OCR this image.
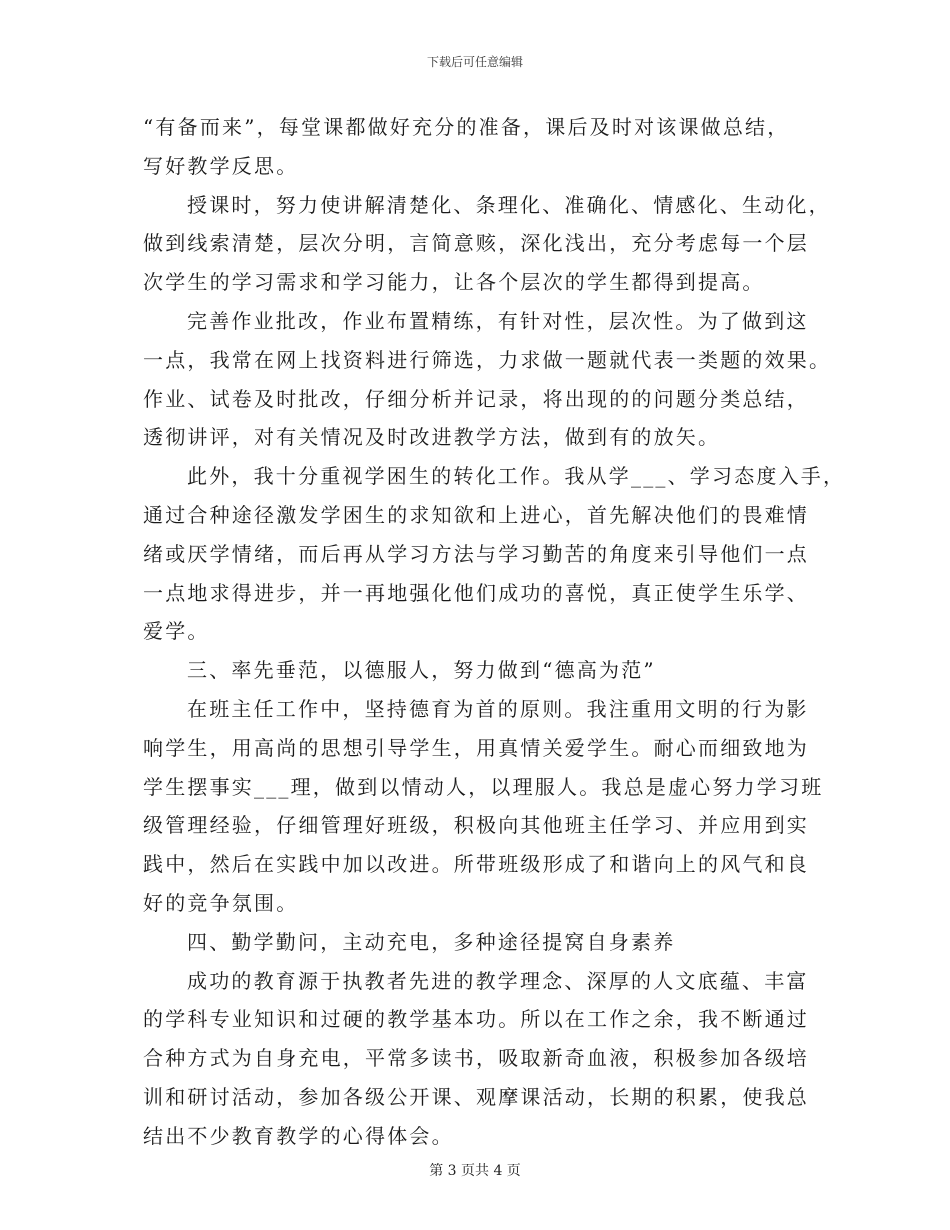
下载后可任意编辑
“有备而来”，每堂课都做好充分的准备，课后及时对该课做总结，
写好教学反思。
授课时，努力使讲解清楚化、条理化、准确化、情感化、生动化，
做到线索清楚，层次分明，言简意赅，深化浅出，充分考虑每一个层
次学生的学习需求和学习能力，让各个层次的学生都得到提高。
完善作业批改，作业布置精练，有针对性，层次性。为了做到这
一点，我常在网上找资料进行筛选，力求做一题就代表一类题的效果。
作业、试卷及时批改，仔细分析并记录，将出现的的问题分类总结，
透彻讲评，对有关情况及时改进教学方法，做到有的放矢。
此外，我十分重视学困生的转化工作。我从学___、学习态度入手，
通过合种途径激发学困生的求知欲和上进心，首先解决他们的畏难情
绪或厌学情绪，而后再从学习方法与学习勤苦的角度来引导他们一点
一点地求得进步，并一再地强化他们成功的喜悦，真正使学生乐学、
爱学。
三、率先垂范，以德服人，努力做到“德高为范”
在班主任工作中，坚持德育为首的原则。我注重用文明的行为影
响学生，用高尚的思想引导学生，用真情关爱学生。耐心而细致地为
学生摆事实___理，做到以情动人，以理服人。我总是虚心努力学习班
级管理经验，仔细管理好班级，积极向其他班主任学习、并应用到实
践中，然后在实践中加以改进。所带班级形成了和谐向上的风气和良
好的竞争氛围。
四、勤学勤问，主动充电，多种途径提窝自身素养
成功的教育源于执教者先进的教学理念、深厚的人文底蕴、丰富
的学科专业知识和过硬的教学基本功。所以在工作之余，我不断通过
合种方式为自身充电，平常多读书，吸取新奇血液，积极参加各级培
训和研讨活动，参加各级公开课、观摩课活动，长期的积累，使我总
结出不少教育教学的心得体会。
第 3 页共 4 页
